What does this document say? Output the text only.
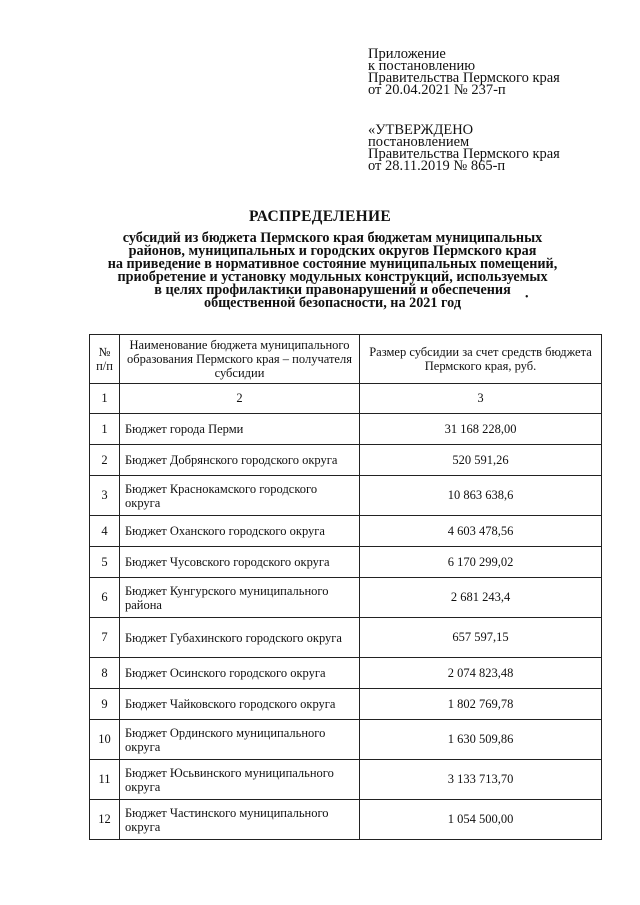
Приложение
к постановлению
Правительства Пермского края
от 20.04.2021 № 237-п
«УТВЕРЖДЕНО
постановлением
Правительства Пермского края
от 28.11.2019 № 865-п
РАСПРЕДЕЛЕНИЕ
субсидий из бюджета Пермского края бюджетам муниципальных
районов, муниципальных и городских округов Пермского края
на приведение в нормативное состояние муниципальных помещений,
приобретение и установку модульных конструкций, используемых
в целях профилактики правонарушений и обеспечения
общественной безопасности, на 2021 год	•
№ п/п	Наименование бюджета муниципального образования Пермского края – получателя субсидии	Размер субсидии за счет средств бюджета Пермского края, руб.
1	2	3
1	Бюджет города Перми	31 168 228,00
2	Бюджет Добрянского городского округа	520 591,26
3	Бюджет Краснокамского городского округа	10 863 638,6
4	Бюджет Оханского городского округа	4 603 478,56
5	Бюджет Чусовского городского округа	6 170 299,02
6	Бюджет Кунгурского муниципального района	2 681 243,4
7	Бюджет Губахинского городского округа	657 597,15
8	Бюджет Осинского городского округа	2 074 823,48
9	Бюджет Чайковского городского округа	1 802 769,78
10	Бюджет Ординского муниципального округа	1 630 509,86
11	Бюджет Юсьвинского муниципального округа	3 133 713,70
12	Бюджет Частинского муниципального округа	1 054 500,00
